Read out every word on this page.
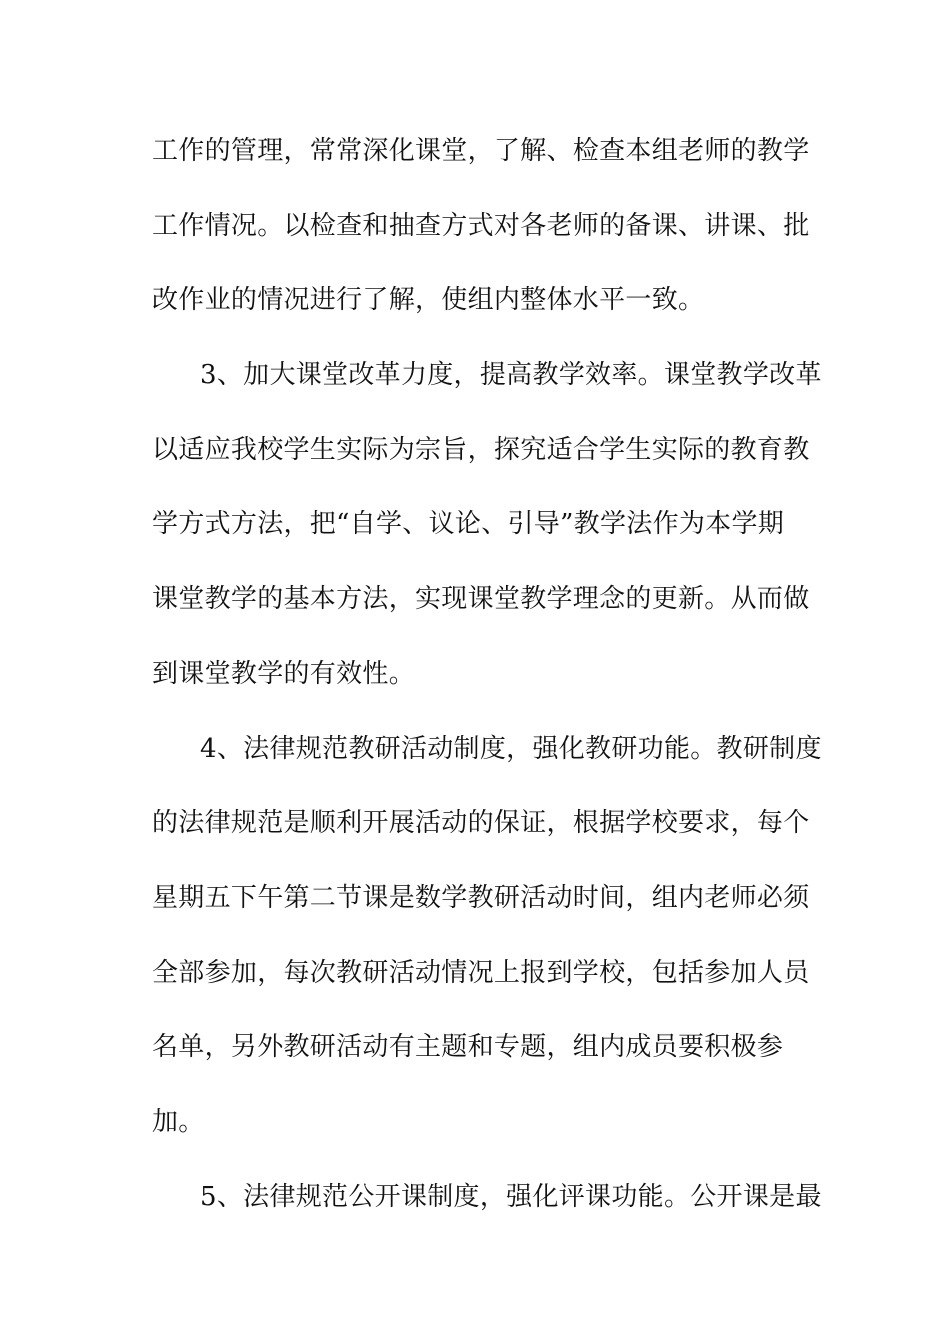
工作的管理，常常深化课堂，了解、检查本组老师的教学
工作情况。以检查和抽查方式对各老师的备课、讲课、批
改作业的情况进行了解，使组内整体水平一致。
3、加大课堂改革力度，提高教学效率。课堂教学改革
以适应我校学生实际为宗旨，探究适合学生实际的教育教
学方式方法，把“自学、议论、引导”教学法作为本学期
课堂教学的基本方法，实现课堂教学理念的更新。从而做
到课堂教学的有效性。
4、法律规范教研活动制度，强化教研功能。教研制度
的法律规范是顺利开展活动的保证，根据学校要求，每个
星期五下午第二节课是数学教研活动时间，组内老师必须
全部参加，每次教研活动情况上报到学校，包括参加人员
名单，另外教研活动有主题和专题，组内成员要积极参
加。
5、法律规范公开课制度，强化评课功能。公开课是最
